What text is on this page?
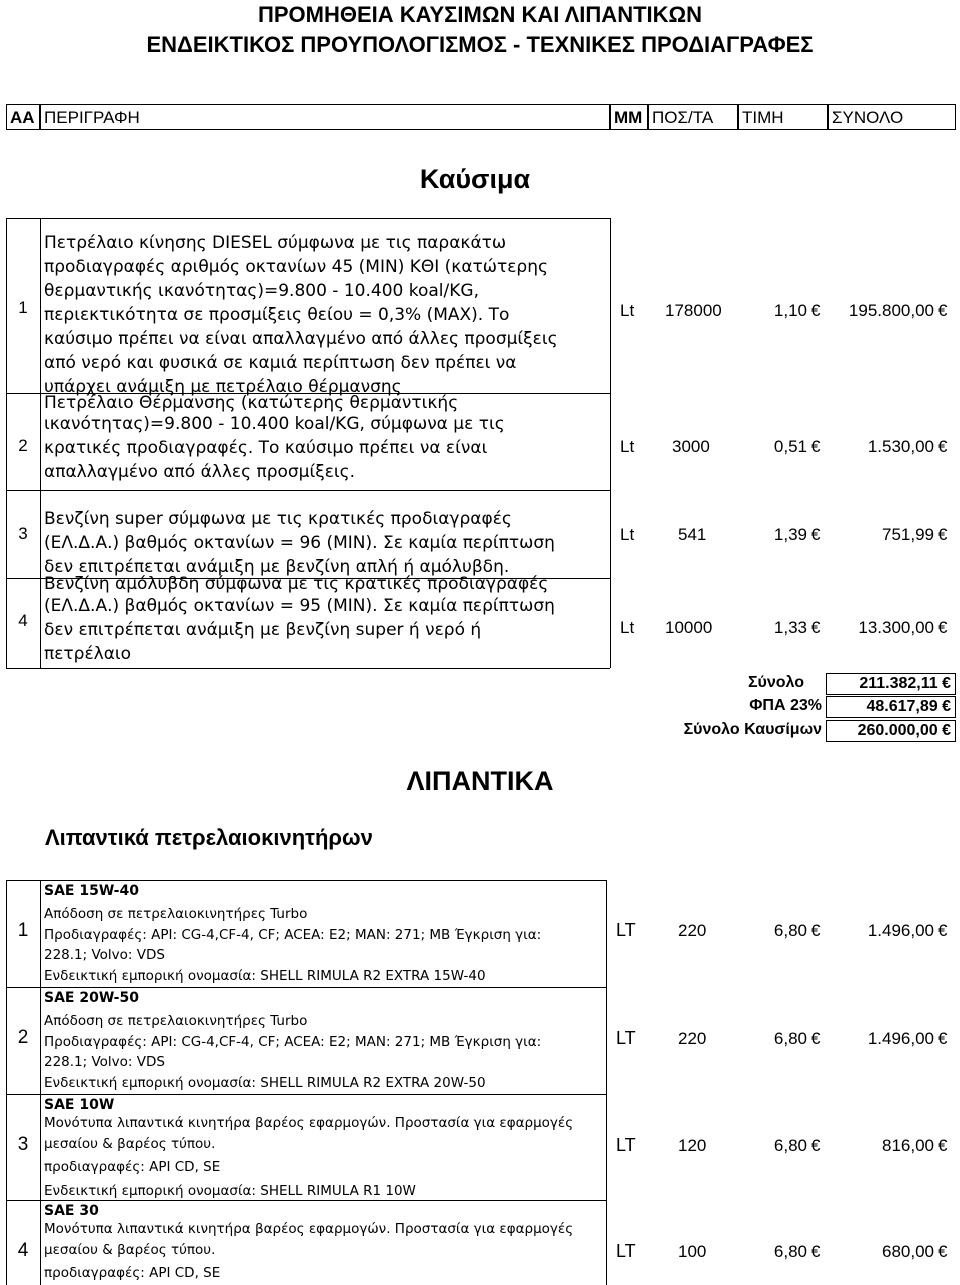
ΠΡΟΜΗΘΕΙΑ ΚΑΥΣΙΜΩΝ ΚΑΙ ΛΙΠΑΝΤΙΚΩΝ
ΕΝΔΕΙΚΤΙΚΟΣ ΠΡΟΥΠΟΛΟΓΙΣΜΟΣ - ΤΕΧΝΙΚΕΣ ΠΡΟΔΙΑΓΡΑΦΕΣ
ΑΑ ΠΕΡΙΓΡΑΦΗ	ΜΜ ΠΟΣ/ΤΑ	ΤΙΜΗ	ΣΥΝΟΛΟ
Καύσιμα
1
Πετρέλαιο κίνησης DIESEL σύμφωνα με τις παρακάτω
προδιαγραφές αριθμός οκτανίων 45 (MIN) ΚΘΙ (κατώτερης
θερμαντικής ικανότητας)=9.800 - 10.400 koal/KG,
περιεκτικότητα σε προσμίξεις θείου = 0,3% (MAX). Το
καύσιμο πρέπει να είναι απαλλαγμένο από άλλες προσμίξεις
από νερό και φυσικά σε καμιά περίπτωση δεν πρέπει να
υπάρχει ανάμιξη με πετρέλαιο θέρμανσης
Lt 178000	1,10 €	195.800,00 €
2
Πετρέλαιο Θέρμανσης (κατώτερης θερμαντικής
ικανότητας)=9.800 - 10.400 koal/KG, σύμφωνα με τις
κρατικές προδιαγραφές. Το καύσιμο πρέπει να είναι
απαλλαγμένο από άλλες προσμίξεις.
Lt 3000	0,51 €	1.530,00 €
3
Βενζίνη super σύμφωνα με τις κρατικές προδιαγραφές
(ΕΛ.Δ.Α.) βαθμός οκτανίων = 96 (MIN). Σε καμία περίπτωση
δεν επιτρέπεται ανάμιξη με βενζίνη απλή ή αμόλυβδη.
Lt	541	1,39 €	751,99 €
4
Βενζίνη αμόλυβδη σύμφωνα με τις κρατικές προδιαγραφές
(ΕΛ.Δ.Α.) βαθμός οκτανίων = 95 (MIN). Σε καμία περίπτωση
δεν επιτρέπεται ανάμιξη με βενζίνη super ή νερό ή
πετρέλαιο
Lt 10000	1,33 €	13.300,00 €
Σύνολο	211.382,11 €
ΦΠΑ 23%	48.617,89 €
Σύνολο Καυσίμων	260.000,00 €
ΛΙΠΑΝΤΙΚΑ
Λιπαντικά πετρελαιοκινητήρων
1
SAE 15W-40
Απόδοση σε πετρελαιοκινητήρες Turbo
Προδιαγραφές: API: CG-4,CF-4, CF; ACEA: E2; MAN: 271; MB Έγκριση για:
228.1; Volvo: VDS
Ενδεικτική εμπορική ονομασία: SHELL RIMULA R2 EXTRA 15W-40
LT 220	6,80 €	1.496,00 €
2
SAE 20W-50
Απόδοση σε πετρελαιοκινητήρες Turbo
Προδιαγραφές: API: CG-4,CF-4, CF; ACEA: E2; MAN: 271; MB Έγκριση για:
228.1; Volvo: VDS
Ενδεικτική εμπορική ονομασία: SHELL RIMULA R2 EXTRA 20W-50
LT 220	6,80 €	1.496,00 €
3
SAE 10W
Μονότυπα λιπαντικά κινητήρα βαρέος εφαρμογών. Προστασία για εφαρμογές
μεσαίου & βαρέος τύπου.
προδιαγραφές: API CD, SE
Ενδεικτική εμπορική ονομασία: SHELL RIMULA R1 10W
LT 120	6,80 €	816,00 €
4
SAE 30
Μονότυπα λιπαντικά κινητήρα βαρέος εφαρμογών. Προστασία για εφαρμογές
μεσαίου & βαρέος τύπου.
προδιαγραφές: API CD, SE
LT 100	6,80 €	680,00 €
